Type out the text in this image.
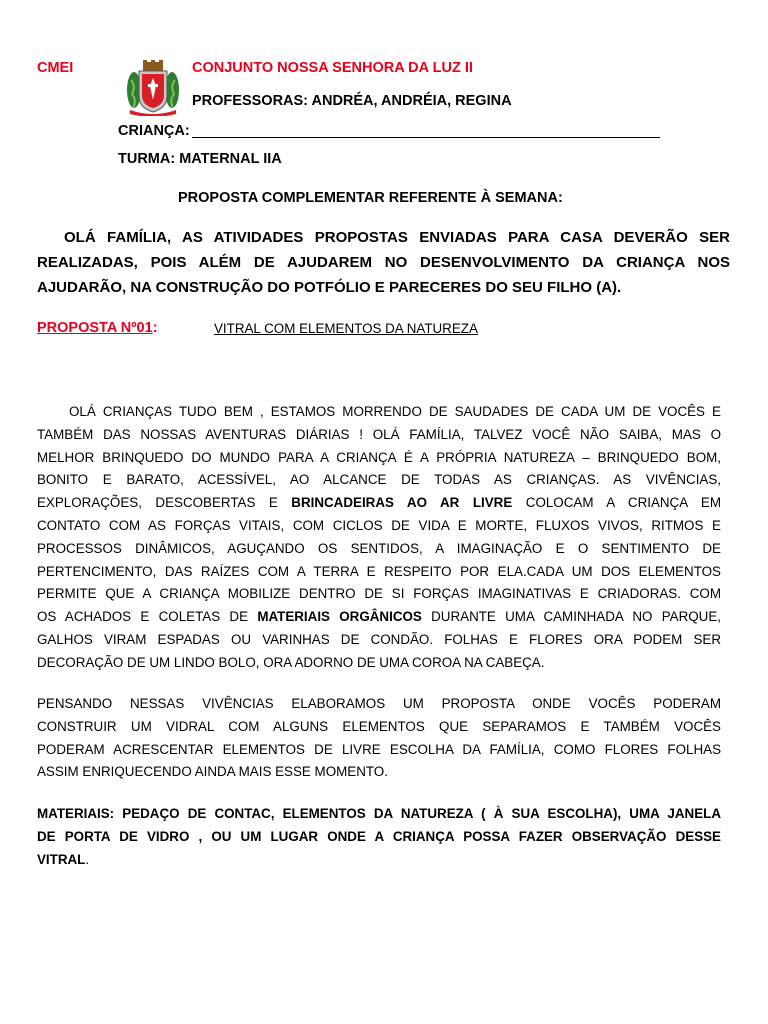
CMEI	CONJUNTO NOSSA SENHORA DA LUZ II
PROFESSORAS: ANDRÉA, ANDRÉIA, REGINA
CRIANÇA:
TURMA: MATERNAL IIA
PROPOSTA COMPLEMENTAR REFERENTE À SEMANA:
OLÁ FAMÍLIA, AS ATIVIDADES PROPOSTAS ENVIADAS PARA CASA DEVERÃO SER
REALIZADAS, POIS ALÉM DE AJUDAREM NO DESENVOLVIMENTO DA CRIANÇA NOS
AJUDARÃO, NA CONSTRUÇÃO DO POTFÓLIO E PARECERES DO SEU FILHO (A).
PROPOSTA Nº01:	VITRAL COM ELEMENTOS DA NATUREZA
OLÁ CRIANÇAS TUDO BEM , ESTAMOS MORRENDO DE SAUDADES DE CADA UM DE VOCÊS E
TAMBÉM DAS NOSSAS AVENTURAS DIÁRIAS ! OLÁ FAMÍLIA, TALVEZ VOCÊ NÃO SAIBA, MAS O
MELHOR BRINQUEDO DO MUNDO PARA A CRIANÇA É A PRÓPRIA NATUREZA – BRINQUEDO BOM,
BONITO E BARATO, ACESSÍVEL, AO ALCANCE DE TODAS AS CRIANÇAS. AS VIVÊNCIAS,
EXPLORAÇÕES, DESCOBERTAS E BRINCADEIRAS AO AR LIVRE COLOCAM A CRIANÇA EM
CONTATO COM AS FORÇAS VITAIS, COM CICLOS DE VIDA E MORTE, FLUXOS VIVOS, RITMOS E
PROCESSOS DINÂMICOS, AGUÇANDO OS SENTIDOS, A IMAGINAÇÃO E O SENTIMENTO DE
PERTENCIMENTO, DAS RAÍZES COM A TERRA E RESPEITO POR ELA.CADA UM DOS ELEMENTOS
PERMITE QUE A CRIANÇA MOBILIZE DENTRO DE SI FORÇAS IMAGINATIVAS E CRIADORAS. COM
OS ACHADOS E COLETAS DE MATERIAIS ORGÂNICOS DURANTE UMA CAMINHADA NO PARQUE,
GALHOS VIRAM ESPADAS OU VARINHAS DE CONDÃO. FOLHAS E FLORES ORA PODEM SER
DECORAÇÃO DE UM LINDO BOLO, ORA ADORNO DE UMA COROA NA CABEÇA.
PENSANDO NESSAS VIVÊNCIAS ELABORAMOS UM PROPOSTA ONDE VOCÊS PODERAM
CONSTRUIR UM VIDRAL COM ALGUNS ELEMENTOS QUE SEPARAMOS E TAMBÉM VOCÊS
PODERAM ACRESCENTAR ELEMENTOS DE LIVRE ESCOLHA DA FAMÍLIA, COMO FLORES FOLHAS
ASSIM ENRIQUECENDO AINDA MAIS ESSE MOMENTO.
MATERIAIS: PEDAÇO DE CONTAC, ELEMENTOS DA NATUREZA ( À SUA ESCOLHA), UMA JANELA
DE PORTA DE VIDRO , OU UM LUGAR ONDE A CRIANÇA POSSA FAZER OBSERVAÇÃO DESSE
VITRAL.
